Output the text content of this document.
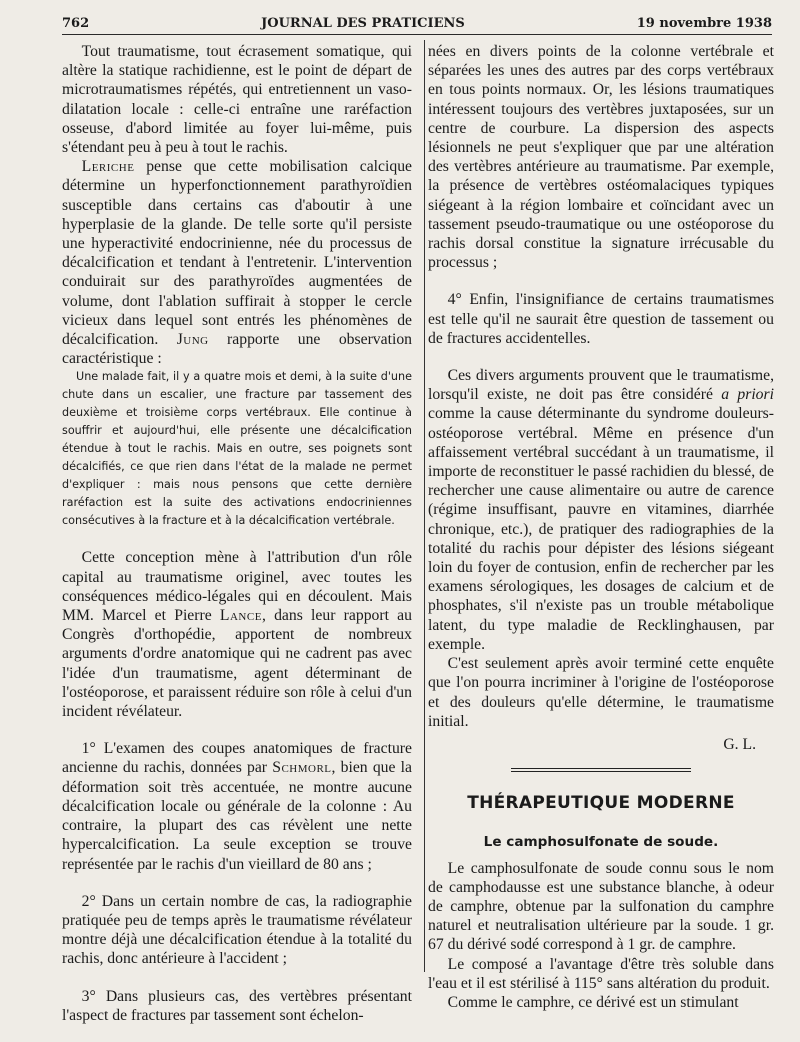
762	JOURNAL DES PRATICIENS	19 novembre 1938

Tout traumatisme, tout écrasement somatique, qui altère la statique rachidienne, est le point de départ de microtraumatismes répétés, qui entretiennent un vaso-dilatation locale : celle-ci entraîne une raréfaction osseuse, d'abord limitée au foyer lui-même, puis s'étendant peu à peu à tout le rachis.

Leriche pense que cette mobilisation calcique détermine un hyperfonctionnement parathyroïdien susceptible dans certains cas d'aboutir à une hyperplasie de la glande. De telle sorte qu'il persiste une hyperactivité endocrinienne, née du processus de décalcification et tendant à l'entretenir. L'intervention conduirait sur des parathyroïdes augmentées de volume, dont l'ablation suffirait à stopper le cercle vicieux dans lequel sont entrés les phénomènes de décalcification. Jung rapporte une observation caractéristique :

Une malade fait, il y a quatre mois et demi, à la suite d'une chute dans un escalier, une fracture par tassement des deuxième et troisième corps vertébraux. Elle continue à souffrir et aujourd'hui, elle présente une décalcification étendue à tout le rachis. Mais en outre, ses poignets sont décalcifiés, ce que rien dans l'état de la malade ne permet d'expliquer : mais nous pensons que cette dernière raréfaction est la suite des activations endocriniennes consécutives à la fracture et à la décalcification vertébrale.

Cette conception mène à l'attribution d'un rôle capital au traumatisme originel, avec toutes les conséquences médico-légales qui en découlent. Mais MM. Marcel et Pierre Lance, dans leur rapport au Congrès d'orthopédie, apportent de nombreux arguments d'ordre anatomique qui ne cadrent pas avec l'idée d'un traumatisme, agent déterminant de l'ostéoporose, et paraissent réduire son rôle à celui d'un incident révélateur.

1° L'examen des coupes anatomiques de fracture ancienne du rachis, données par Schmorl, bien que la déformation soit très accentuée, ne montre aucune décalcification locale ou générale de la colonne : Au contraire, la plupart des cas révèlent une nette hypercalcification. La seule exception se trouve représentée par le rachis d'un vieillard de 80 ans ;

2° Dans un certain nombre de cas, la radiographie pratiquée peu de temps après le traumatisme révélateur montre déjà une décalcification étendue à la totalité du rachis, donc antérieure à l'accident ;

3° Dans plusieurs cas, des vertèbres présentant l'aspect de fractures par tassement sont échelon-

nées en divers points de la colonne vertébrale et séparées les unes des autres par des corps vertébraux en tous points normaux. Or, les lésions traumatiques intéressent toujours des vertèbres juxtaposées, sur un centre de courbure. La dispersion des aspects lésionnels ne peut s'expliquer que par une altération des vertèbres antérieure au traumatisme. Par exemple, la présence de vertèbres ostéomalaciques typiques siégeant à la région lombaire et coïncidant avec un tassement pseudo-traumatique ou une ostéoporose du rachis dorsal constitue la signature irrécusable du processus ;

4° Enfin, l'insignifiance de certains traumatismes est telle qu'il ne saurait être question de tassement ou de fractures accidentelles.

Ces divers arguments prouvent que le traumatisme, lorsqu'il existe, ne doit pas être considéré a priori comme la cause déterminante du syndrome douleurs-ostéoporose vertébral. Même en présence d'un affaissement vertébral succédant à un traumatisme, il importe de reconstituer le passé rachidien du blessé, de rechercher une cause alimentaire ou autre de carence (régime insuffisant, pauvre en vitamines, diarrhée chronique, etc.), de pratiquer des radiographies de la totalité du rachis pour dépister des lésions siégeant loin du foyer de contusion, enfin de rechercher par les examens sérologiques, les dosages de calcium et de phosphates, s'il n'existe pas un trouble métabolique latent, du type maladie de Recklinghausen, par exemple.

C'est seulement après avoir terminé cette enquête que l'on pourra incriminer à l'origine de l'ostéoporose et des douleurs qu'elle détermine, le traumatisme initial.

G. L.
THÉRAPEUTIQUE MODERNE
Le camphosulfonate de soude.

Le camphosulfonate de soude connu sous le nom de camphodausse est une substance blanche, à odeur de camphre, obtenue par la sulfonation du camphre naturel et neutralisation ultérieure par la soude. 1 gr. 67 du dérivé sodé correspond à 1 gr. de camphre.

Le composé a l'avantage d'être très soluble dans l'eau et il est stérilisé à 115° sans altération du produit.

Comme le camphre, ce dérivé est un stimulant
